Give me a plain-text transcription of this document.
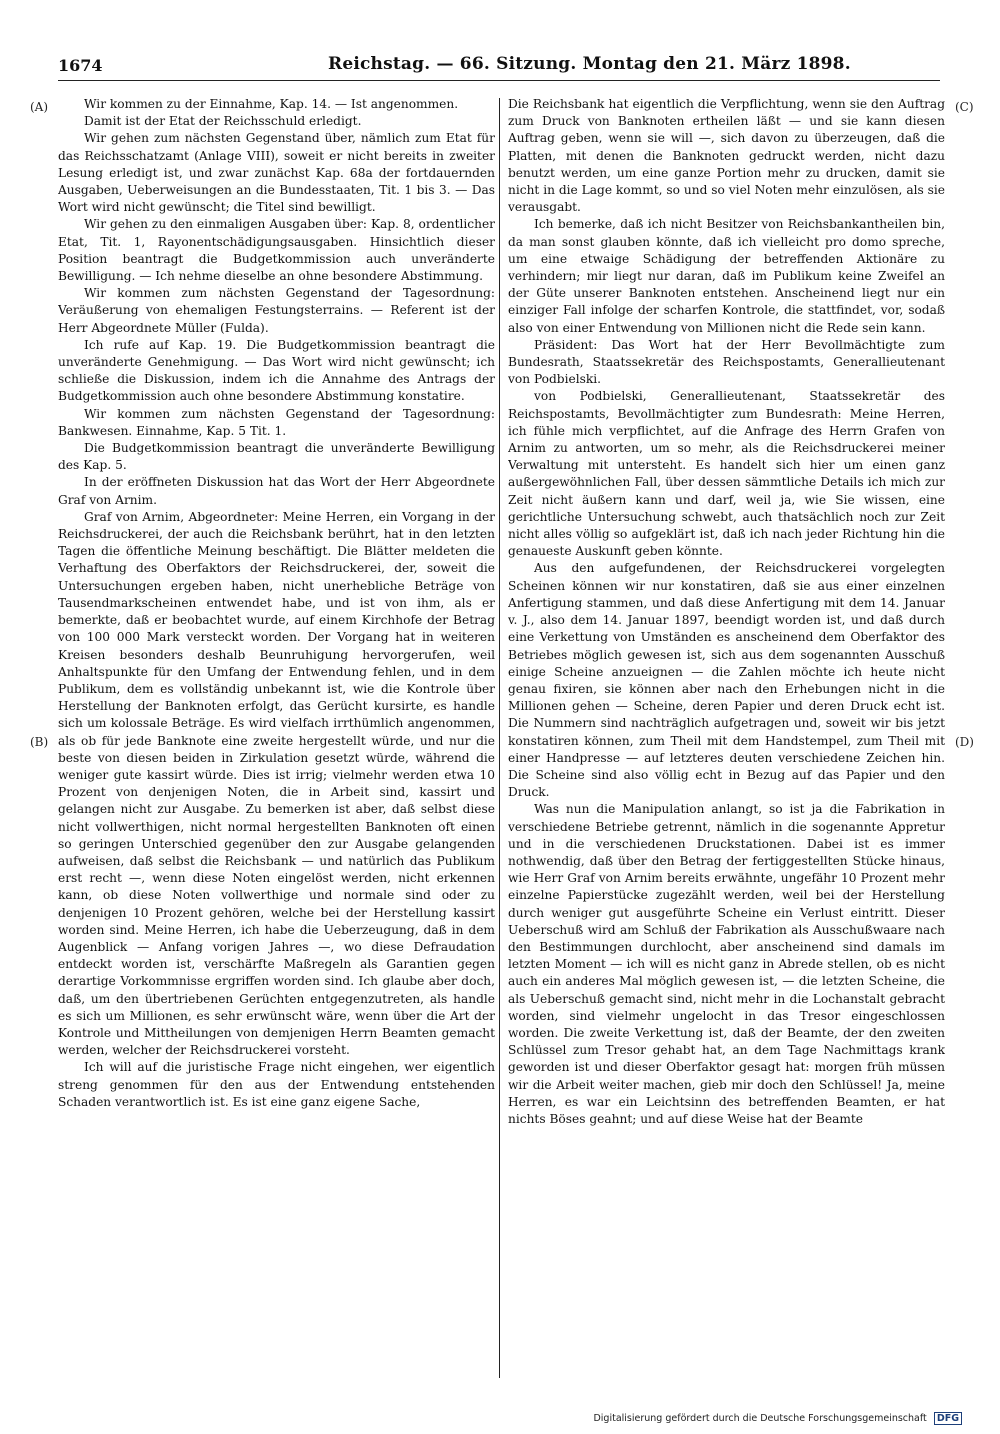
1674	Reichstag. — 66. Sitzung. Montag den 21. März 1898.
(A)
(B)
(C)
(D)

Wir kommen zu der Einnahme, Kap. 14. — Ist angenommen.

Damit ist der Etat der Reichsschuld erledigt.

Wir gehen zum nächsten Gegenstand über, nämlich zum Etat für das Reichsschatzamt (Anlage VIII), soweit er nicht bereits in zweiter Lesung erledigt ist, und zwar zunächst Kap. 68a der fortdauernden Ausgaben, Ueberweisungen an die Bundesstaaten, Tit. 1 bis 3. — Das Wort wird nicht gewünscht; die Titel sind bewilligt.

Wir gehen zu den einmaligen Ausgaben über: Kap. 8, ordentlicher Etat, Tit. 1, Rayonentschädigungsausgaben. Hinsichtlich dieser Position beantragt die Budgetkommission auch unveränderte Bewilligung. — Ich nehme dieselbe an ohne besondere Abstimmung.

Wir kommen zum nächsten Gegenstand der Tagesordnung: Veräußerung von ehemaligen Festungsterrains. — Referent ist der Herr Abgeordnete Müller (Fulda).

Ich rufe auf Kap. 19. Die Budgetkommission beantragt die unveränderte Genehmigung. — Das Wort wird nicht gewünscht; ich schließe die Diskussion, indem ich die Annahme des Antrags der Budgetkommission auch ohne besondere Abstimmung konstatire.

Wir kommen zum nächsten Gegenstand der Tagesordnung: Bankwesen. Einnahme, Kap. 5 Tit. 1.

Die Budgetkommission beantragt die unveränderte Bewilligung des Kap. 5.

In der eröffneten Diskussion hat das Wort der Herr Abgeordnete Graf von Arnim.

Graf von Arnim, Abgeordneter: Meine Herren, ein Vorgang in der Reichsdruckerei, der auch die Reichsbank berührt, hat in den letzten Tagen die öffentliche Meinung beschäftigt. Die Blätter meldeten die Verhaftung des Oberfaktors der Reichsdruckerei, der, soweit die Untersuchungen ergeben haben, nicht unerhebliche Beträge von Tausendmarkscheinen entwendet habe, und ist von ihm, als er bemerkte, daß er beobachtet wurde, auf einem Kirchhofe der Betrag von 100 000 Mark versteckt worden. Der Vorgang hat in weiteren Kreisen besonders deshalb Beunruhigung hervorgerufen, weil Anhaltspunkte für den Umfang der Entwendung fehlen, und in dem Publikum, dem es vollständig unbekannt ist, wie die Kontrole über Herstellung der Banknoten erfolgt, das Gerücht kursirte, es handle sich um kolossale Beträge. Es wird vielfach irrthümlich angenommen, als ob für jede Banknote eine zweite hergestellt würde, und nur die beste von diesen beiden in Zirkulation gesetzt würde, während die weniger gute kassirt würde. Dies ist irrig; vielmehr werden etwa 10 Prozent von denjenigen Noten, die in Arbeit sind, kassirt und gelangen nicht zur Ausgabe. Zu bemerken ist aber, daß selbst diese nicht vollwerthigen, nicht normal hergestellten Banknoten oft einen so geringen Unterschied gegenüber den zur Ausgabe gelangenden aufweisen, daß selbst die Reichsbank — und natürlich das Publikum erst recht —, wenn diese Noten eingelöst werden, nicht erkennen kann, ob diese Noten vollwerthige und normale sind oder zu denjenigen 10 Prozent gehören, welche bei der Herstellung kassirt worden sind. Meine Herren, ich habe die Ueberzeugung, daß in dem Augenblick — Anfang vorigen Jahres —, wo diese Defraudation entdeckt worden ist, verschärfte Maßregeln als Garantien gegen derartige Vorkommnisse ergriffen worden sind. Ich glaube aber doch, daß, um den übertriebenen Gerüchten entgegenzutreten, als handle es sich um Millionen, es sehr erwünscht wäre, wenn über die Art der Kontrole und Mittheilungen von demjenigen Herrn Beamten gemacht werden, welcher der Reichsdruckerei vorsteht.

Ich will auf die juristische Frage nicht eingehen, wer eigentlich streng genommen für den aus der Entwendung entstehenden Schaden verantwortlich ist. Es ist eine ganz eigene Sache,

Die Reichsbank hat eigentlich die Verpflichtung, wenn sie den Auftrag zum Druck von Banknoten ertheilen läßt — und sie kann diesen Auftrag geben, wenn sie will —, sich davon zu überzeugen, daß die Platten, mit denen die Banknoten gedruckt werden, nicht dazu benutzt werden, um eine ganze Portion mehr zu drucken, damit sie nicht in die Lage kommt, so und so viel Noten mehr einzulösen, als sie verausgabt.

Ich bemerke, daß ich nicht Besitzer von Reichsbankantheilen bin, da man sonst glauben könnte, daß ich vielleicht pro domo spreche, um eine etwaige Schädigung der betreffenden Aktionäre zu verhindern; mir liegt nur daran, daß im Publikum keine Zweifel an der Güte unserer Banknoten entstehen. Anscheinend liegt nur ein einziger Fall infolge der scharfen Kontrole, die stattfindet, vor, sodaß also von einer Entwendung von Millionen nicht die Rede sein kann.

Präsident: Das Wort hat der Herr Bevollmächtigte zum Bundesrath, Staatssekretär des Reichspostamts, Generallieutenant von Podbielski.

von Podbielski, Generallieutenant, Staatssekretär des Reichspostamts, Bevollmächtigter zum Bundesrath: Meine Herren, ich fühle mich verpflichtet, auf die Anfrage des Herrn Grafen von Arnim zu antworten, um so mehr, als die Reichsdruckerei meiner Verwaltung mit untersteht. Es handelt sich hier um einen ganz außergewöhnlichen Fall, über dessen sämmtliche Details ich mich zur Zeit nicht äußern kann und darf, weil ja, wie Sie wissen, eine gerichtliche Untersuchung schwebt, auch thatsächlich noch zur Zeit nicht alles völlig so aufgeklärt ist, daß ich nach jeder Richtung hin die genaueste Auskunft geben könnte.

Aus den aufgefundenen, der Reichsdruckerei vorgelegten Scheinen können wir nur konstatiren, daß sie aus einer einzelnen Anfertigung stammen, und daß diese Anfertigung mit dem 14. Januar v. J., also dem 14. Januar 1897, beendigt worden ist, und daß durch eine Verkettung von Umständen es anscheinend dem Oberfaktor des Betriebes möglich gewesen ist, sich aus dem sogenannten Ausschuß einige Scheine anzueignen — die Zahlen möchte ich heute nicht genau fixiren, sie können aber nach den Erhebungen nicht in die Millionen gehen — Scheine, deren Papier und deren Druck echt ist. Die Nummern sind nachträglich aufgetragen und, soweit wir bis jetzt konstatiren können, zum Theil mit dem Handstempel, zum Theil mit einer Handpresse — auf letzteres deuten verschiedene Zeichen hin. Die Scheine sind also völlig echt in Bezug auf das Papier und den Druck.

Was nun die Manipulation anlangt, so ist ja die Fabrikation in verschiedene Betriebe getrennt, nämlich in die sogenannte Appretur und in die verschiedenen Druckstationen. Dabei ist es immer nothwendig, daß über den Betrag der fertiggestellten Stücke hinaus, wie Herr Graf von Arnim bereits erwähnte, ungefähr 10 Prozent mehr einzelne Papierstücke zugezählt werden, weil bei der Herstellung durch weniger gut ausgeführte Scheine ein Verlust eintritt. Dieser Ueberschuß wird am Schluß der Fabrikation als Ausschußwaare nach den Bestimmungen durchlocht, aber anscheinend sind damals im letzten Moment — ich will es nicht ganz in Abrede stellen, ob es nicht auch ein anderes Mal möglich gewesen ist, — die letzten Scheine, die als Ueberschuß gemacht sind, nicht mehr in die Lochanstalt gebracht worden, sind vielmehr ungelocht in das Tresor eingeschlossen worden. Die zweite Verkettung ist, daß der Beamte, der den zweiten Schlüssel zum Tresor gehabt hat, an dem Tage Nachmittags krank geworden ist und dieser Oberfaktor gesagt hat: morgen früh müssen wir die Arbeit weiter machen, gieb mir doch den Schlüssel! Ja, meine Herren, es war ein Leichtsinn des betreffenden Beamten, er hat nichts Böses geahnt; und auf diese Weise hat der Beamte

Digitalisierung gefördert durch die Deutsche Forschungsgemeinschaft DFG
